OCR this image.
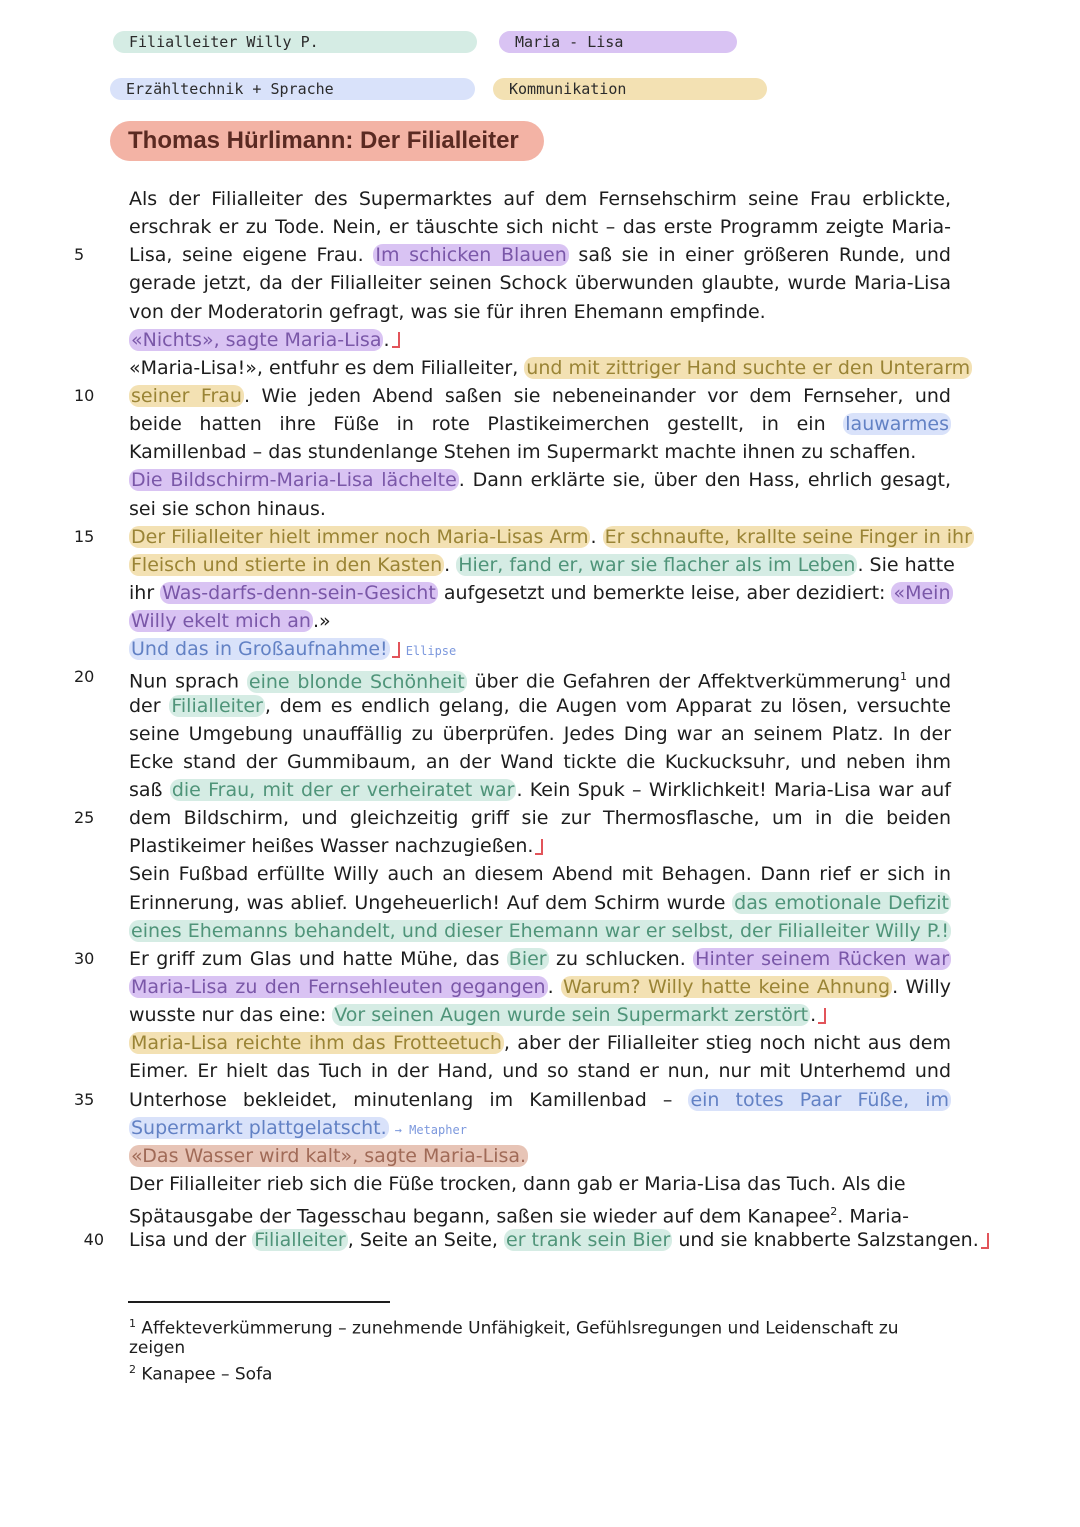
Filialleiter Willy P.	Maria - Lisa
Erzähltechnik + Sprache	Kommunikation
Thomas Hürlimann: Der Filialleiter
Als der Filialleiter des Supermarktes auf dem Fernsehschirm seine Frau erblickte,
erschrak er zu Tode. Nein, er täuschte sich nicht – das erste Programm zeigte Maria-
5	Lisa, seine eigene Frau. Im schicken Blauen saß sie in einer größeren Runde, und
gerade jetzt, da der Filialleiter seinen Schock überwunden glaubte, wurde Maria-Lisa
von der Moderatorin gefragt, was sie für ihren Ehemann empfinde.
«Nichts», sagte Maria-Lisa .
«Maria-Lisa!», entfuhr es dem Filialleiter, und mit zittriger Hand suchte er den Unterarm
10	seiner Frau . Wie jeden Abend saßen sie nebeneinander vor dem Fernseher, und
beide hatten ihre Füße in rote Plastikeimerchen gestellt, in ein lauwarmes
Kamillenbad – das stundenlange Stehen im Supermarkt machte ihnen zu schaffen.
Die Bildschirm-Maria-Lisa lächelte . Dann erklärte sie, über den Hass, ehrlich gesagt,
sei sie schon hinaus.
15	Der Filialleiter hielt immer noch Maria-Lisas Arm . Er schnaufte, krallte seine Finger in ihr
Fleisch und stierte in den Kasten . Hier, fand er, war sie flacher als im Leben . Sie hatte
ihr Was-darfs-denn-sein-Gesicht aufgesetzt und bemerkte leise, aber dezidiert: «Mein
Willy ekelt mich an .»
Und das in Großaufnahme! Ellipse
20	Nun sprach eine blonde Schönheit über die Gefahren der Affektverkümmerung$^1$ und
der Filialleiter , dem es endlich gelang, die Augen vom Apparat zu lösen, versuchte
seine Umgebung unauffällig zu überprüfen. Jedes Ding war an seinem Platz. In der
Ecke stand der Gummibaum, an der Wand tickte die Kuckucksuhr, und neben ihm
saß die Frau, mit der er verheiratet war . Kein Spuk – Wirklichkeit! Maria-Lisa war auf
25	dem Bildschirm, und gleichzeitig griff sie zur Thermosflasche, um in die beiden
Plastikeimer heißes Wasser nachzugießen.
Sein Fußbad erfüllte Willy auch an diesem Abend mit Behagen. Dann rief er sich in
Erinnerung, was ablief. Ungeheuerlich! Auf dem Schirm wurde das emotionale Defizit
eines Ehemanns behandelt, und dieser Ehemann war er selbst, der Filialleiter Willy P.!
30	Er griff zum Glas und hatte Mühe, das Bier zu schlucken. Hinter seinem Rücken war
Maria-Lisa zu den Fernsehleuten gegangen . Warum? Willy hatte keine Ahnung . Willy
wusste nur das eine: Vor seinen Augen wurde sein Supermarkt zerstört .
Maria-Lisa reichte ihm das Frotteetuch , aber der Filialleiter stieg noch nicht aus dem
Eimer. Er hielt das Tuch in der Hand, und so stand er nun, nur mit Unterhemd und
35	Unterhose bekleidet, minutenlang im Kamillenbad – ein totes Paar Füße, im
Supermarkt plattgelatscht. → Metapher
«Das Wasser wird kalt», sagte Maria-Lisa.
Der Filialleiter rieb sich die Füße trocken, dann gab er Maria-Lisa das Tuch. Als die
Spätausgabe der Tagesschau begann, saßen sie wieder auf dem Kanapee$^2$. Maria-
40 Lisa und der Filialleiter , Seite an Seite, er trank sein Bier und sie knabberte Salzstangen.
$^1$ Affekteverkümmerung – zunehmende Unfähigkeit, Gefühlsregungen und Leidenschaft zu
zeigen
$^2$ Kanapee – Sofa
